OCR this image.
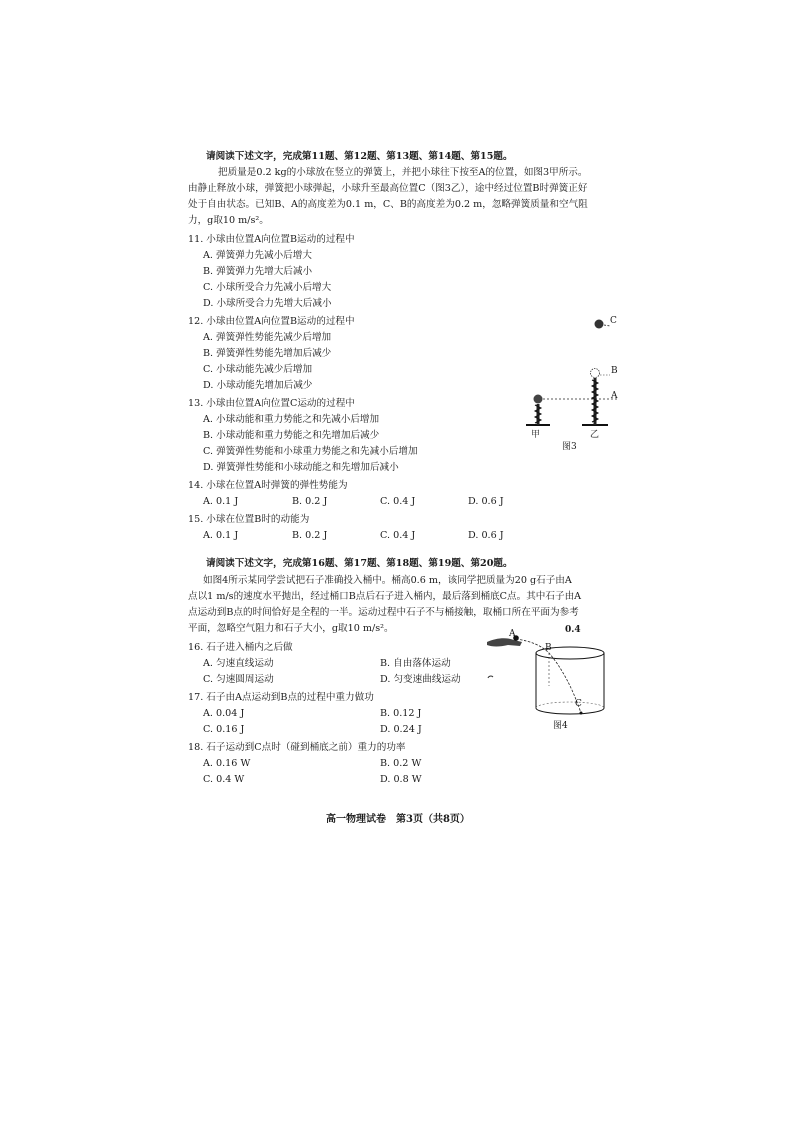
请阅读下述文字，完成第11题、第12题、第13题、第14题、第15题。
把质量是0.2 kg的小球放在竖立的弹簧上，并把小球往下按至A的位置，如图3甲所示。
由静止释放小球，弹簧把小球弹起，小球升至最高位置C（图3乙），途中经过位置B时弹簧正好
处于自由状态。已知B、A的高度差为0.1 m，C、B的高度差为0.2 m，忽略弹簧质量和空气阻
力，g取10 m/s²。
11. 小球由位置A向位置B运动的过程中
A. 弹簧弹力先减小后增大
B. 弹簧弹力先增大后减小
C. 小球所受合力先减小后增大
D. 小球所受合力先增大后减小
12. 小球由位置A向位置B运动的过程中
A. 弹簧弹性势能先减少后增加
B. 弹簧弹性势能先增加后减少
C. 小球动能先减少后增加
D. 小球动能先增加后减少
13. 小球由位置A向位置C运动的过程中
A. 小球动能和重力势能之和先减小后增加
B. 小球动能和重力势能之和先增加后减少
C. 弹簧弹性势能和小球重力势能之和先减小后增加
D. 弹簧弹性势能和小球动能之和先增加后减小
14. 小球在位置A时弹簧的弹性势能为
A. 0.1 J	B. 0.2 J	C. 0.4 J	D. 0.6 J
15. 小球在位置B时的动能为
A. 0.1 J	B. 0.2 J	C. 0.4 J	D. 0.6 J
C
B
A
甲	乙
图3
请阅读下述文字，完成第16题、第17题、第18题、第19题、第20题。
如图4所示某同学尝试把石子准确投入桶中。桶高0.6 m，该同学把质量为20 g石子由A
点以1 m/s的速度水平抛出，经过桶口B点后石子进入桶内，最后落到桶底C点。其中石子由A
点运动到B点的时间恰好是全程的一半。运动过程中石子不与桶接触，取桶口所在平面为参考
平面，忽略空气阻力和石子大小，g取10 m/s²。
16. 石子进入桶内之后做
A. 匀速直线运动	B. 自由落体运动
C. 匀速圆周运动	D. 匀变速曲线运动
17. 石子由A点运动到B点的过程中重力做功
A. 0.04 J	B. 0.12 J
C. 0.16 J	D. 0.24 J
18. 石子运动到C点时（碰到桶底之前）重力的功率
A. 0.16 W	B. 0.2 W
C. 0.4 W	D. 0.8 W
A
B
C
0.4
图4
高一物理试卷　第3页（共8页）
